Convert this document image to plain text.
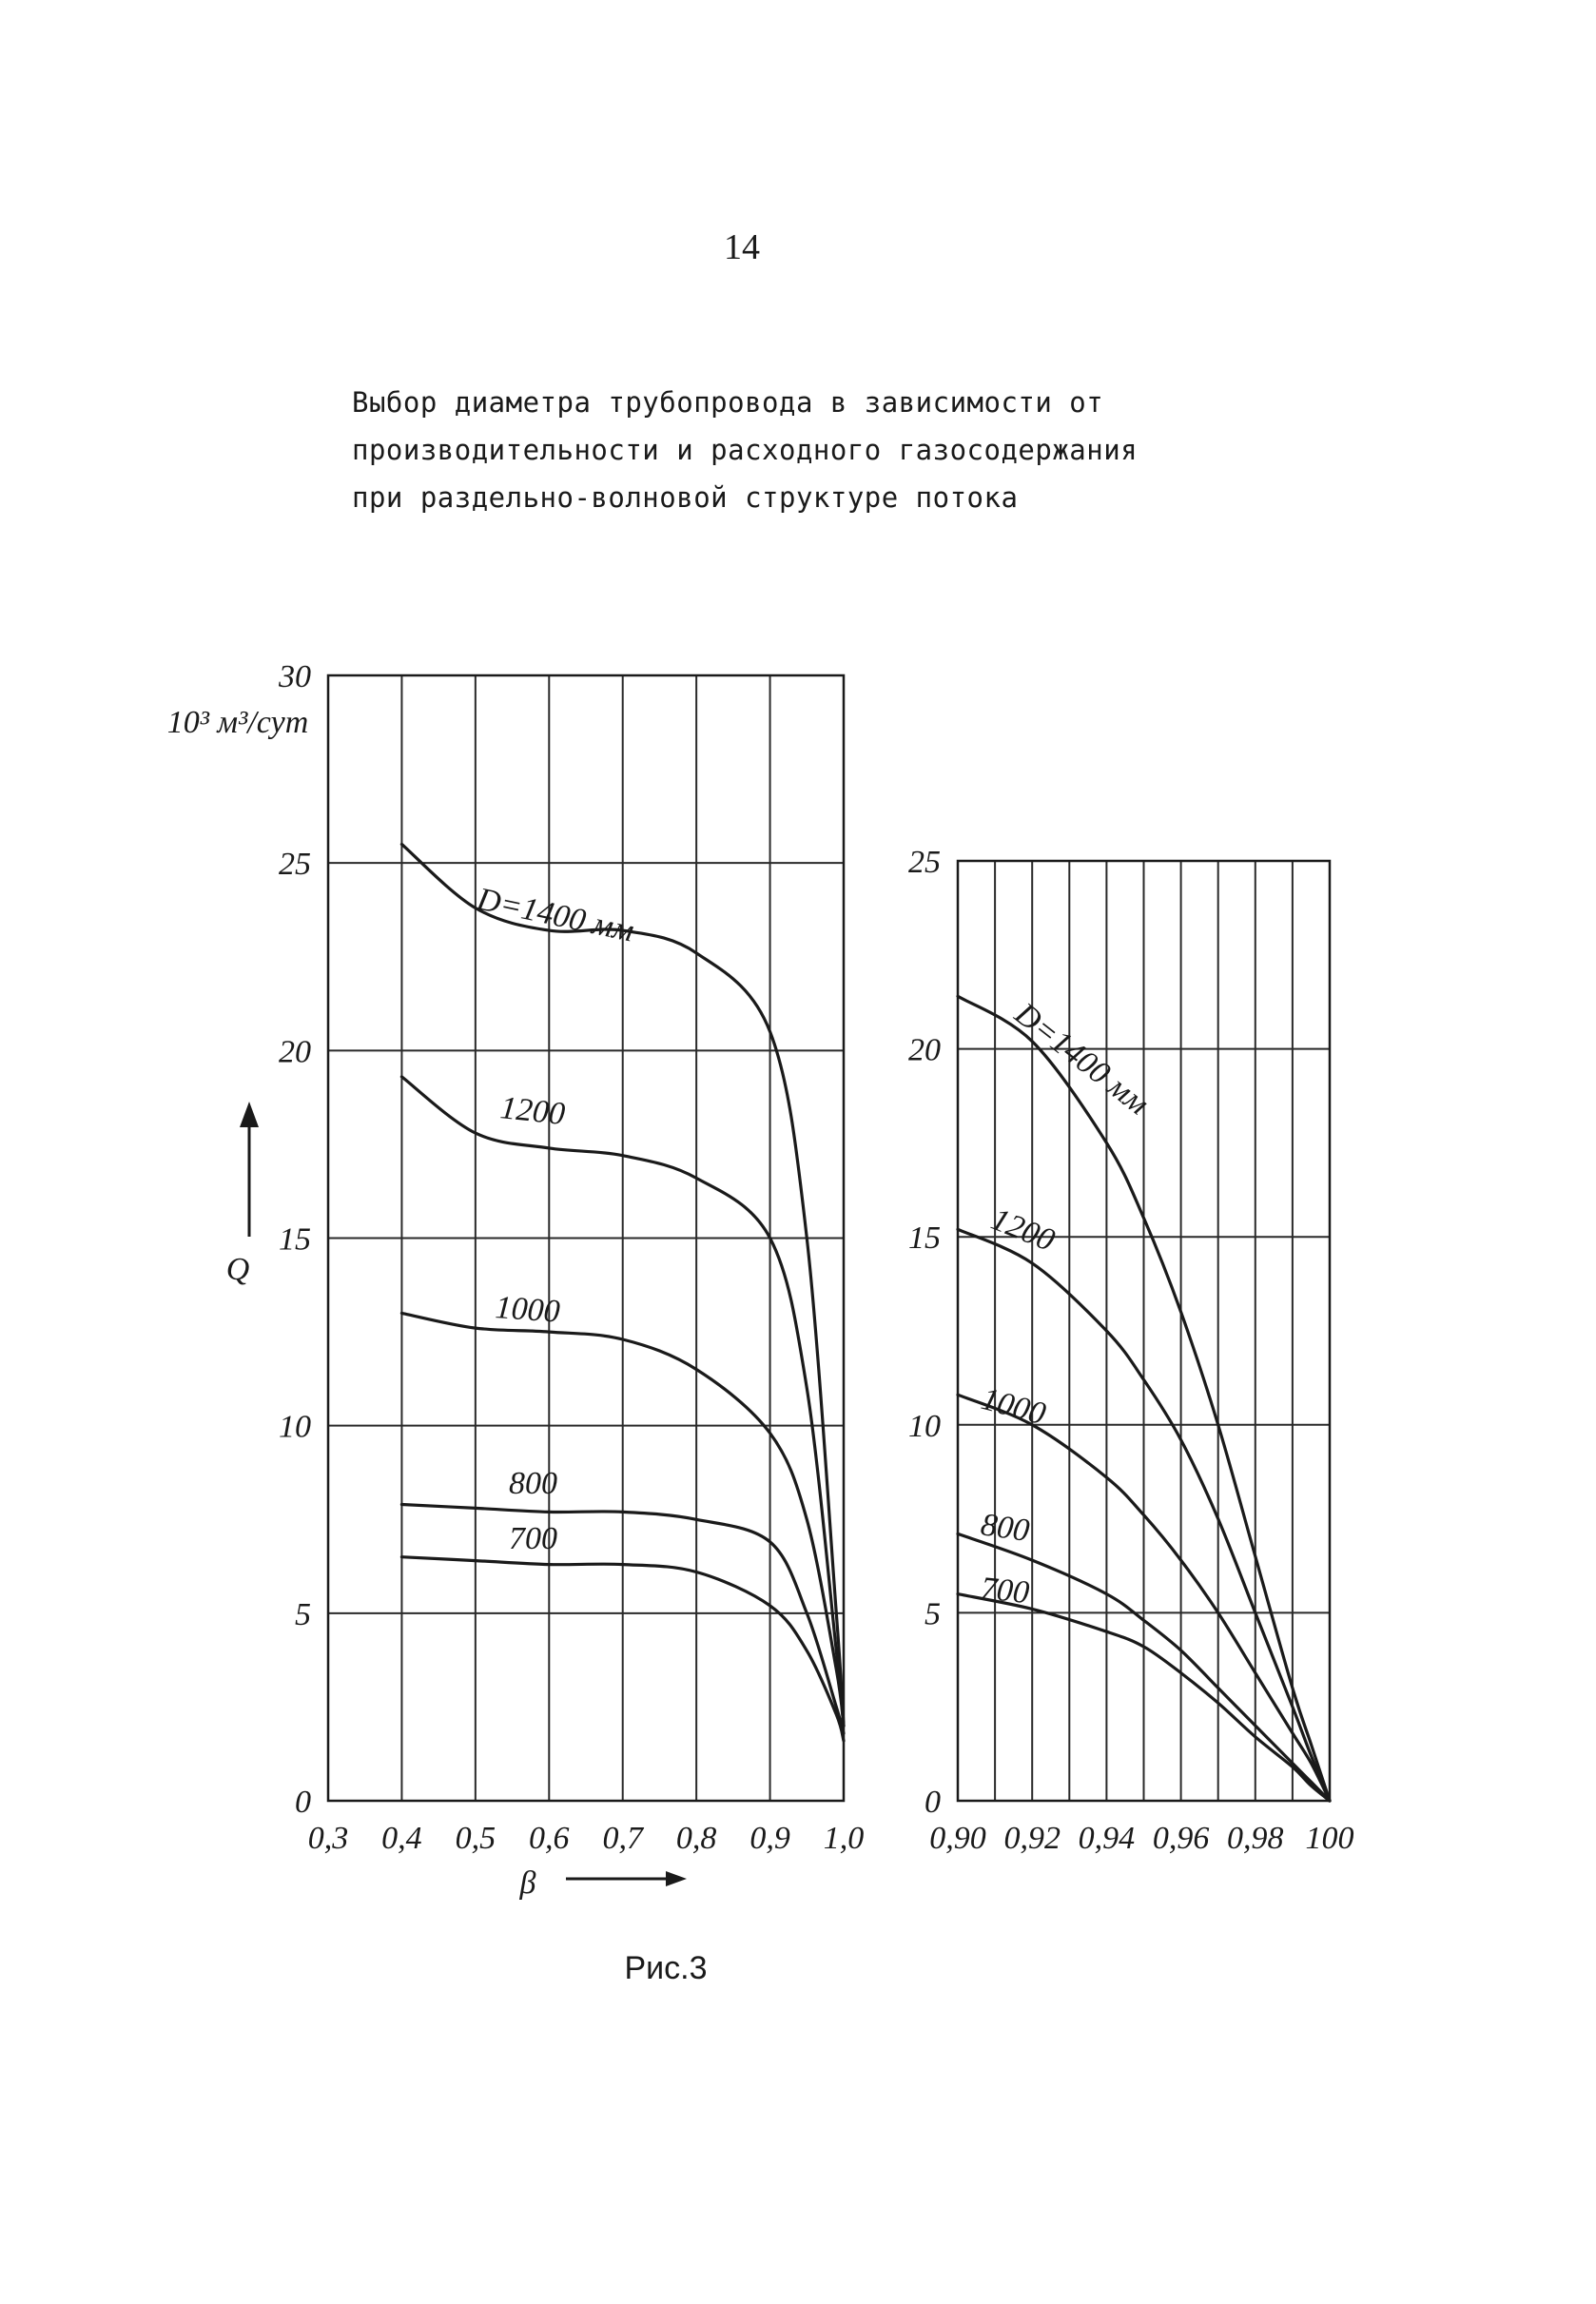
14
Выбор диаметра трубопровода в зависимости от
производительности и расходного газосодержания
при раздельно-волновой структуре потока
0,3 0,4 0,5 0,6 0,7 0,8 0,9 1,0
0
5
10
15
20
25
30
0,90 0,92 0,94 0,96 0,98 100
0
5
10
15
20
25
D=1400 мм
1200
1000
800
700
D=1400 мм
1200
1000
800
700
Q
10³ м³/сут
β
Рис.3
